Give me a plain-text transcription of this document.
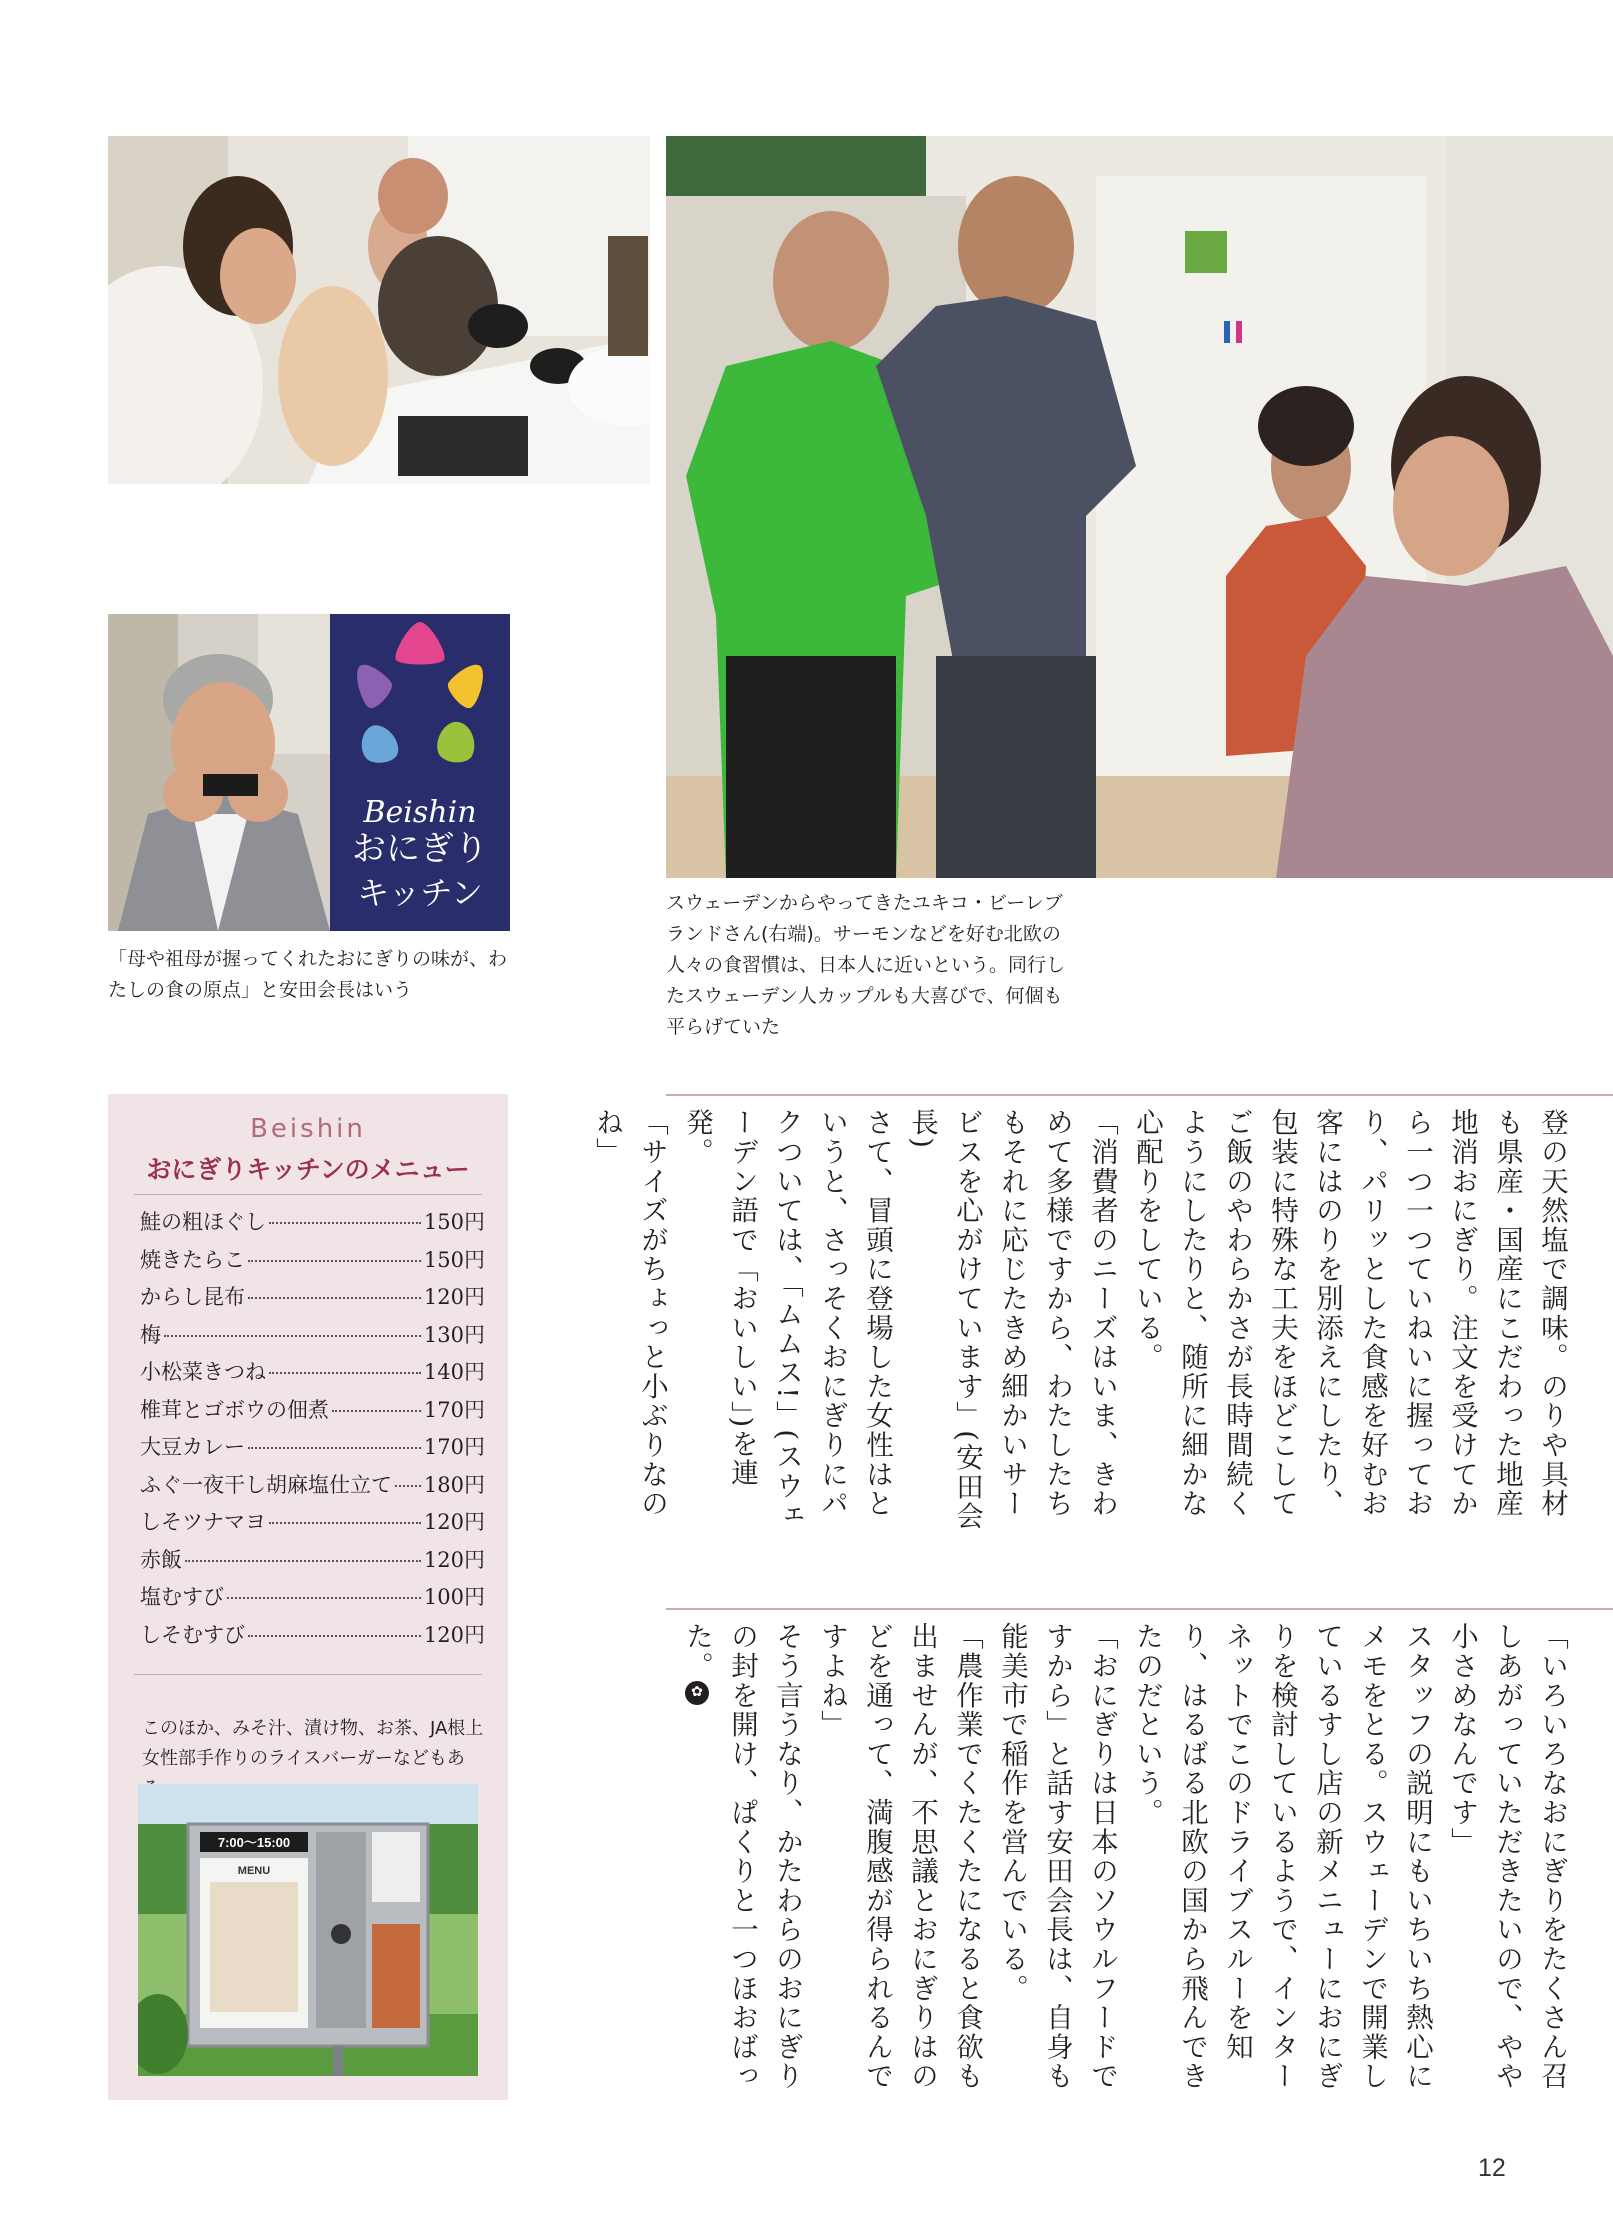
Beishin
おにぎり
キッチン
「母や祖母が握ってくれたおにぎりの味が、わたしの食の原点」と安田会長はいう
スウェーデンからやってきたユキコ・ビーレブランドさん(右端)。サーモンなどを好む北欧の人々の食習慣は、日本人に近いという。同行したスウェーデン人カップルも大喜びで、何個も平らげていた
Beishin
おにぎりキッチンのメニュー
鮭の粗ほぐし	150円
焼きたらこ	150円
からし昆布	120円
梅	130円
小松菜きつね	140円
椎茸とゴボウの佃煮	170円
大豆カレー	170円
ふぐ一夜干し胡麻塩仕立て 180円
しそツナマヨ	120円
赤飯	120円
塩むすび	100円
しそむすび	120円
このほか、みそ汁、漬け物、お茶、JA根上女性部手作りのライスバーガーなどもあ
7:00～15:00
MENU

登の天然塩で調味。のりや具材も県産・国産にこだわった地産地消おにぎり。注文を受けてから一つ一つていねいに握っており、パリッとした食感を好むお客にはのりを別添えにしたり、包装に特殊な工夫をほどこしてご飯のやわらかさが長時間続くようにしたりと、随所に細かな心配りをしている。

「消費者のニーズはいま、きわめて多様ですから、わたしたちもそれに応じたきめ細かいサービスを心がけています」(安田会長)

さて、冒頭に登場した女性はというと、さっそくおにぎりにパクついては、「ムムス!」(スウェーデン語で「おいしい」)を連発。

「サイズがちょっと小ぶりなのね」

「いろいろなおにぎりをたくさん召しあがっていただきたいので、やや小さめなんです」

スタッフの説明にもいちいち熱心にメモをとる。スウェーデンで開業しているすし店の新メニューにおにぎりを検討しているようで、インターネットでこのドライブスルーを知り、はるばる北欧の国から飛んできたのだという。

「おにぎりは日本のソウルフードですから」と話す安田会長は、自身も能美市で稲作を営んでいる。

「農作業でくたくたになると食欲も出ませんが、不思議とおにぎりはのどを通って、満腹感が得られるんですよね」

そう言うなり、かたわらのおにぎりの封を開け、ぱくりと一つほおばった。✿

12
